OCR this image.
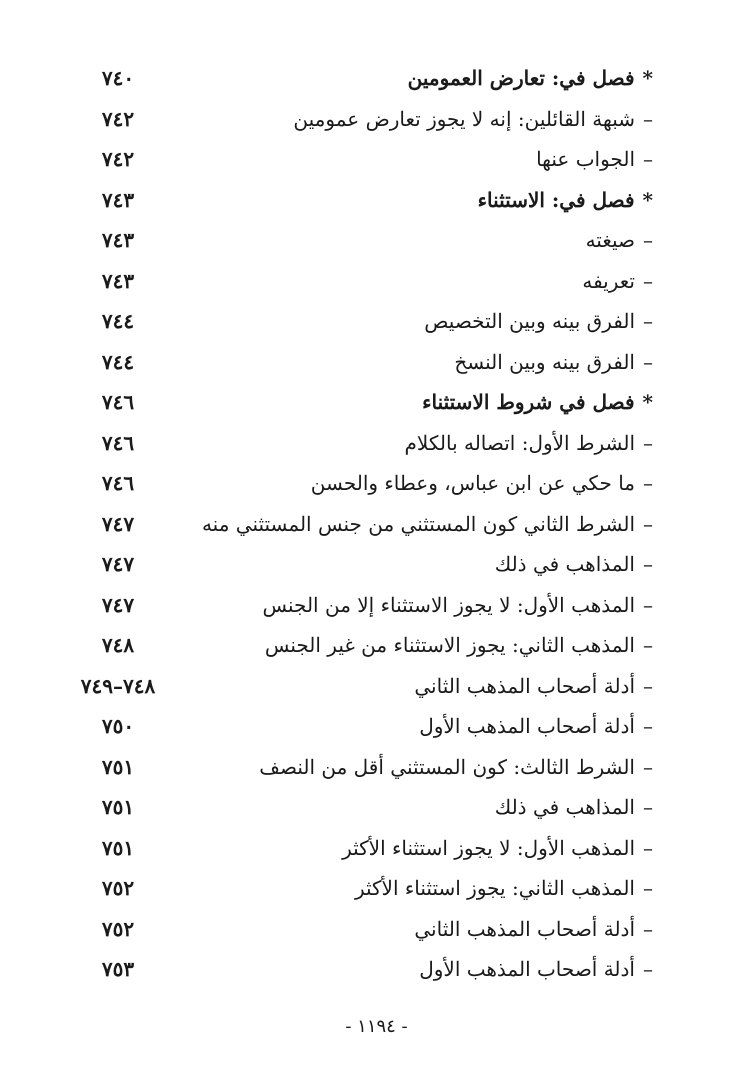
*فصل في: تعارض العمومين
٧٤٠
–شبهة القائلين: إنه لا يجوز تعارض عمومين
٧٤٢
–الجواب عنها
٧٤٢
*فصل في: الاستثناء
٧٤٣
–صيغته
٧٤٣
–تعريفه
٧٤٣
–الفرق بينه وبين التخصيص
٧٤٤
–الفرق بينه وبين النسخ
٧٤٤
*فصل في شروط الاستثناء
٧٤٦
–الشرط الأول: اتصاله بالكلام
٧٤٦
–ما حكي عن ابن عباس، وعطاء والحسن
٧٤٦
–الشرط الثاني كون المستثني من جنس المستثني منه
٧٤٧
–المذاهب في ذلك
٧٤٧
–المذهب الأول: لا يجوز الاستثناء إلا من الجنس
٧٤٧
–المذهب الثاني: يجوز الاستثناء من غير الجنس
٧٤٨
–أدلة أصحاب المذهب الثاني
٧٤٨–٧٤٩
–أدلة أصحاب المذهب الأول
٧٥٠
–الشرط الثالث: كون المستثني أقل من النصف
٧٥١
–المذاهب في ذلك
٧٥١
–المذهب الأول: لا يجوز استثناء الأكثر
٧٥١
–المذهب الثاني: يجوز استثناء الأكثر
٧٥٢
–أدلة أصحاب المذهب الثاني
٧٥٢
–أدلة أصحاب المذهب الأول
٧٥٣
- ١١٩٤ -
